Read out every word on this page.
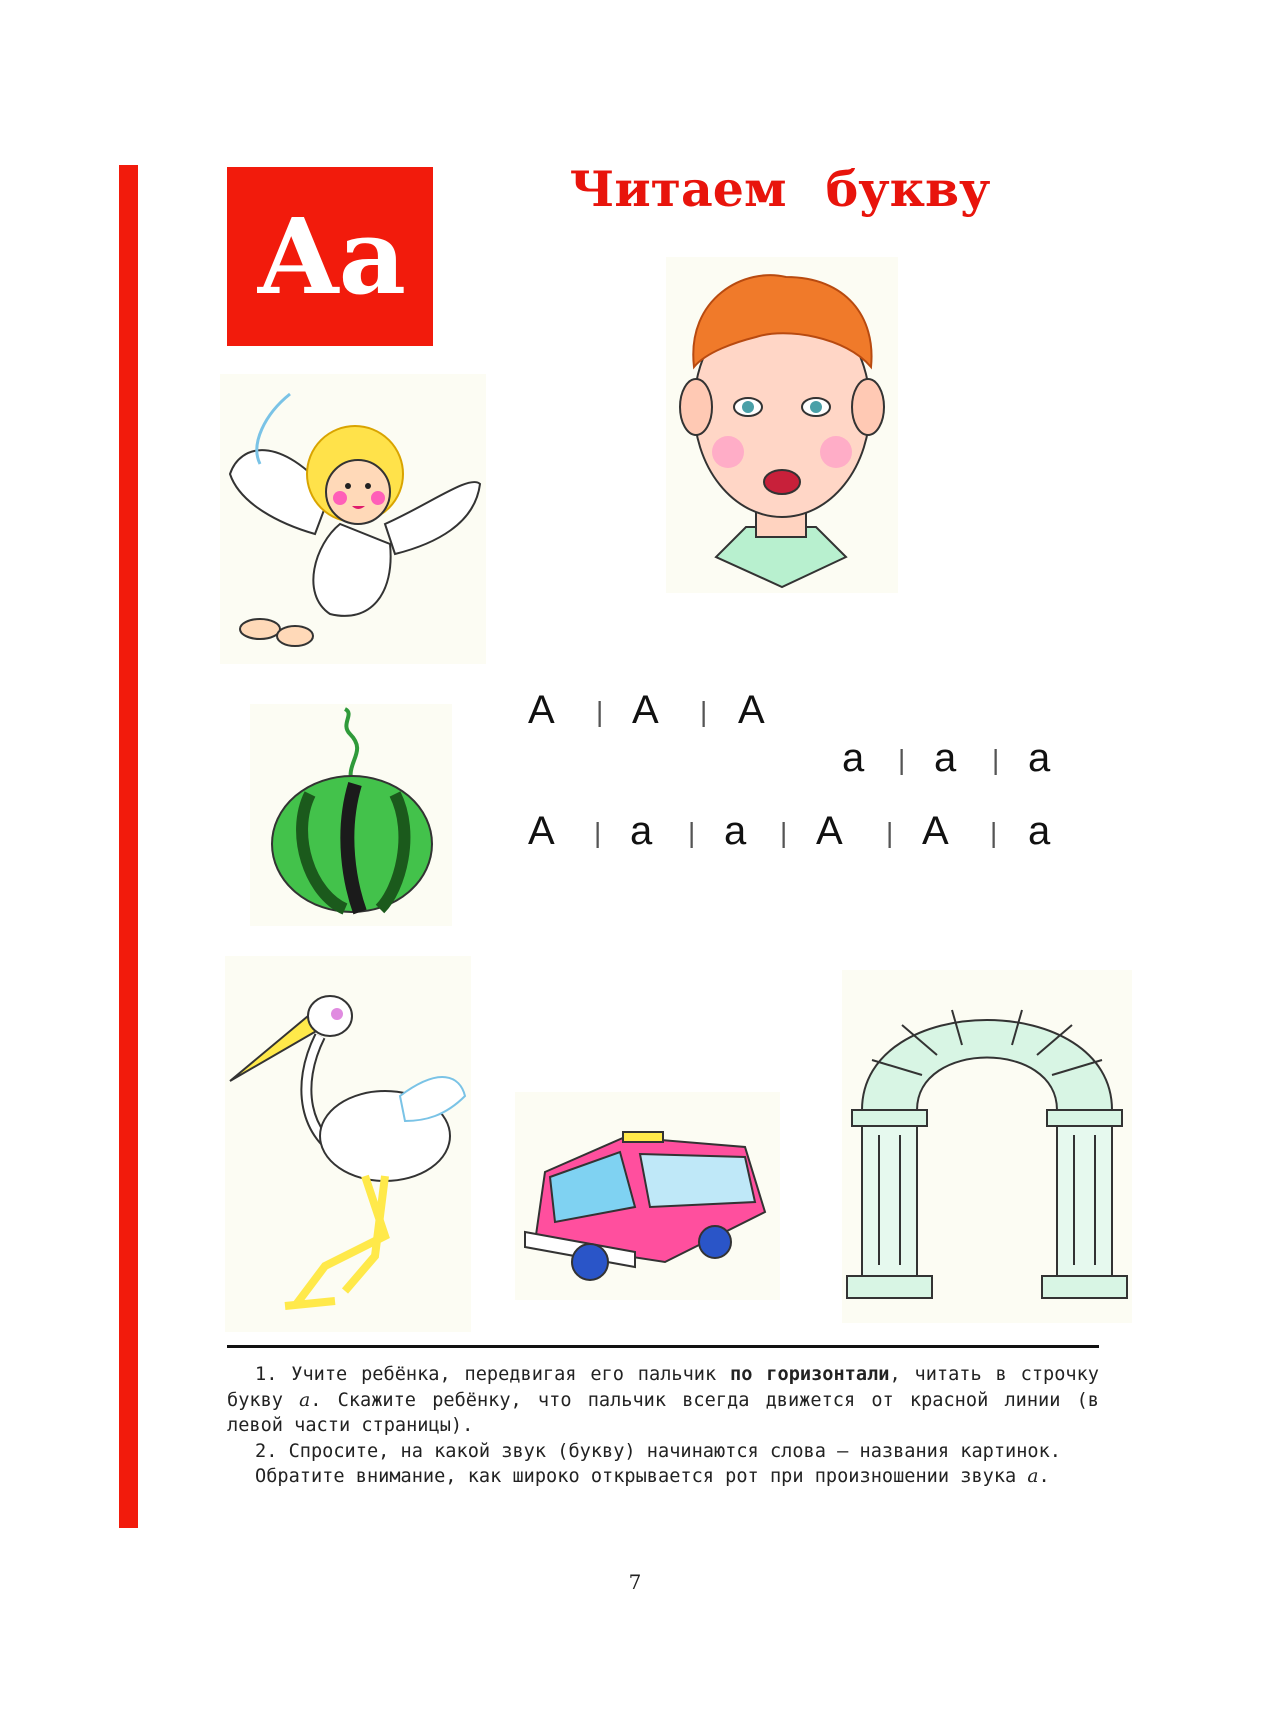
Аа
Читаем букву
А | А | А
а | а | а
А | а | а | А | А | а

1. Учите ребёнка, передвигая его пальчик по горизонтали, читать в строчку букву а. Скажите ребёнку, что пальчик всегда движется от красной линии (в левой части страницы).

2. Спросите, на какой звук (букву) начинаются слова — названия картинок.

Обратите внимание, как широко открывается рот при произношении звука а.

7
